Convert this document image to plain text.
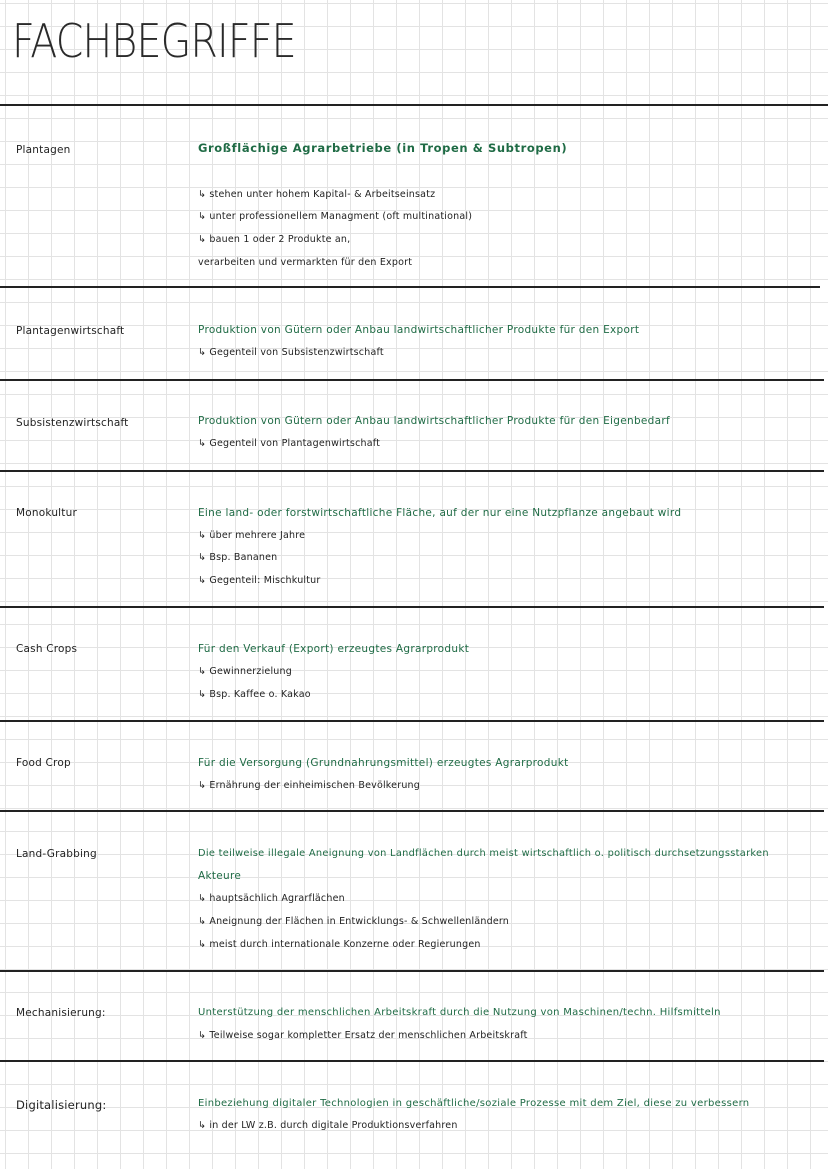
FACHBEGRIFFE
Plantagen	Großflächige Agrarbetriebe (in Tropen & Subtropen)
↳ stehen unter hohem Kapital- & Arbeitseinsatz
↳ unter professionellem Managment (oft multinational)
↳ bauen 1 oder 2 Produkte an,
verarbeiten und vermarkten für den Export
Plantagenwirtschaft	Produktion von Gütern oder Anbau landwirtschaftlicher Produkte für den Export
↳ Gegenteil von Subsistenzwirtschaft
Subsistenzwirtschaft	Produktion von Gütern oder Anbau landwirtschaftlicher Produkte für den Eigenbedarf
↳ Gegenteil von Plantagenwirtschaft
Monokultur	Eine land- oder forstwirtschaftliche Fläche, auf der nur eine Nutzpflanze angebaut wird
↳ über mehrere Jahre
↳ Bsp. Bananen
↳ Gegenteil: Mischkultur
Cash Crops	Für den Verkauf (Export) erzeugtes Agrarprodukt
↳ Gewinnerzielung
↳ Bsp. Kaffee o. Kakao
Food Crop	Für die Versorgung (Grundnahrungsmittel) erzeugtes Agrarprodukt
↳ Ernährung der einheimischen Bevölkerung
Land-Grabbing	Die teilweise illegale Aneignung von Landflächen durch meist wirtschaftlich o. politisch durchsetzungsstarken
Akteure
↳ hauptsächlich Agrarflächen
↳ Aneignung der Flächen in Entwicklungs- & Schwellenländern
↳ meist durch internationale Konzerne oder Regierungen
Mechanisierung:	Unterstützung der menschlichen Arbeitskraft durch die Nutzung von Maschinen/techn. Hilfsmitteln
↳ Teilweise sogar kompletter Ersatz der menschlichen Arbeitskraft
Digitalisierung:	Einbeziehung digitaler Technologien in geschäftliche/soziale Prozesse mit dem Ziel, diese zu verbessern
↳ in der LW z.B. durch digitale Produktionsverfahren
